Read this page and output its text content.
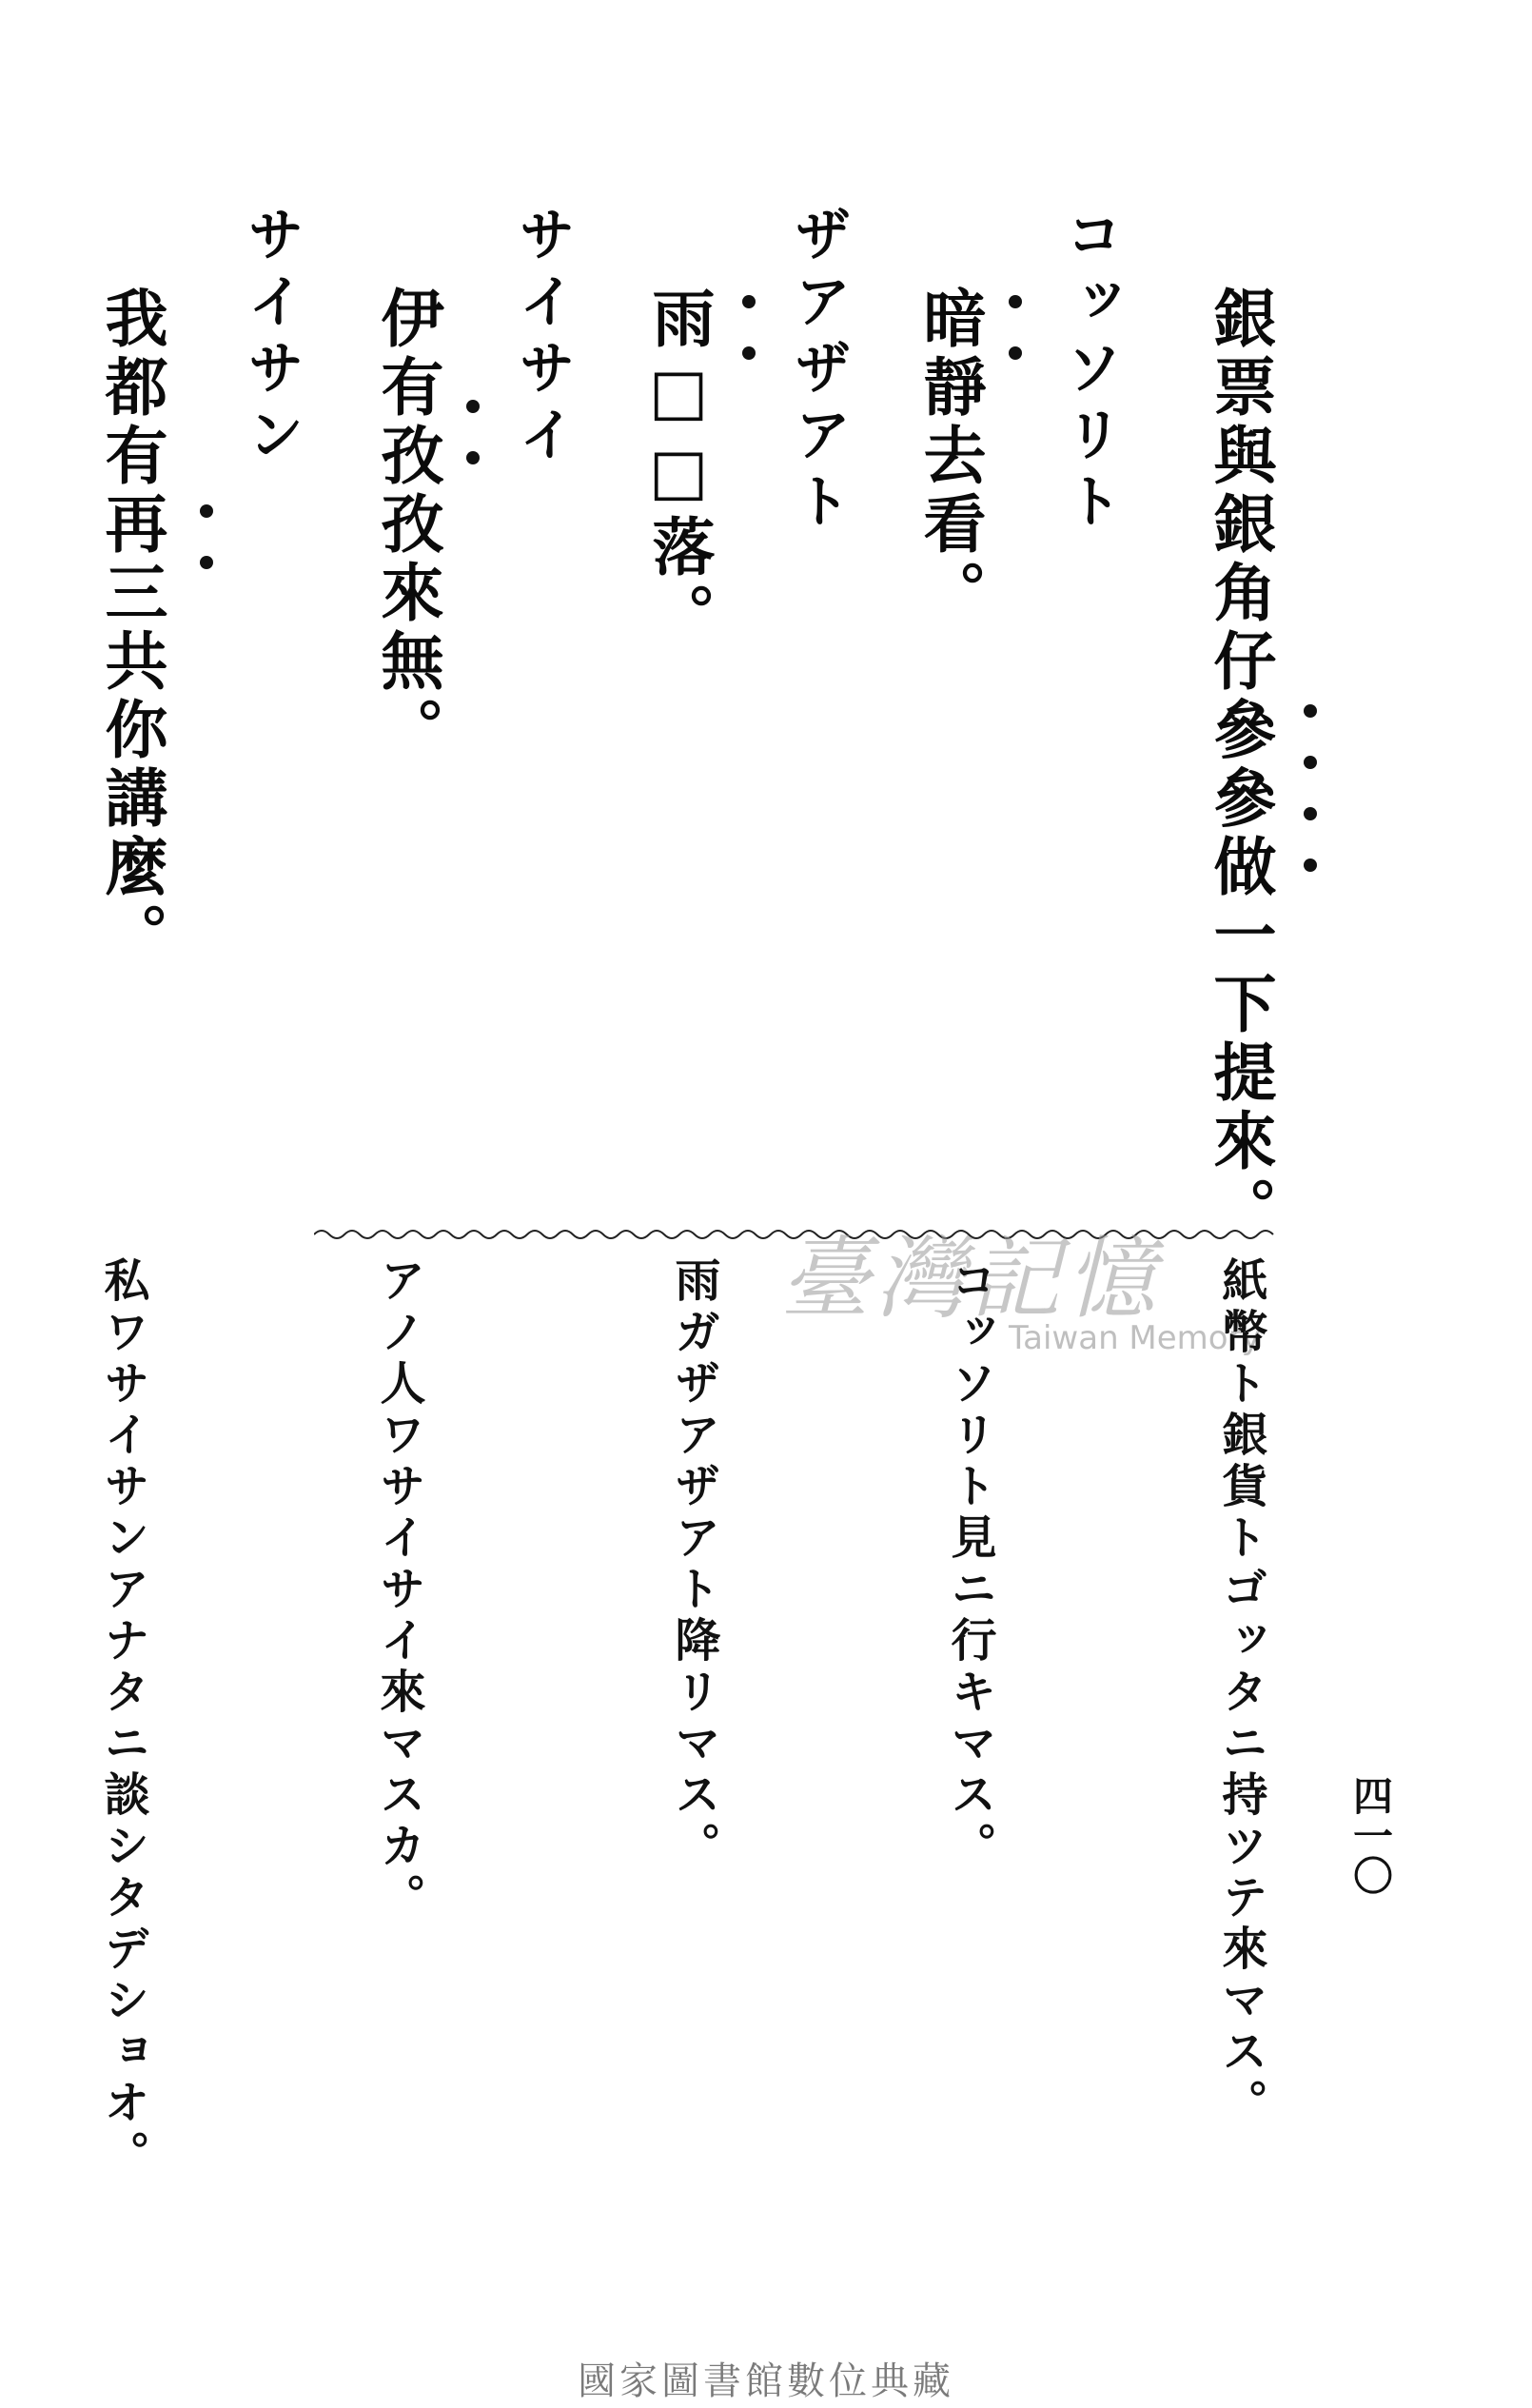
四一〇
銀票與銀角仔參參做一下提來。
コッソリト
暗靜去看。
ザアザアト
雨□□落。
サイサイ
伊有孜孜來無。
サイサン
我都有再三共你講麼。
臺灣記憶
Taiwan Memory
紙幣ト銀貨トゴッタニ持ツテ來マス。
コッソリト見ニ行キマス。
雨ガザアザアト降リマス。
アノ人ワサイサイ來マスカ。
私ワサイサンアナタニ談シタデショオ。
國家圖書館數位典藏
